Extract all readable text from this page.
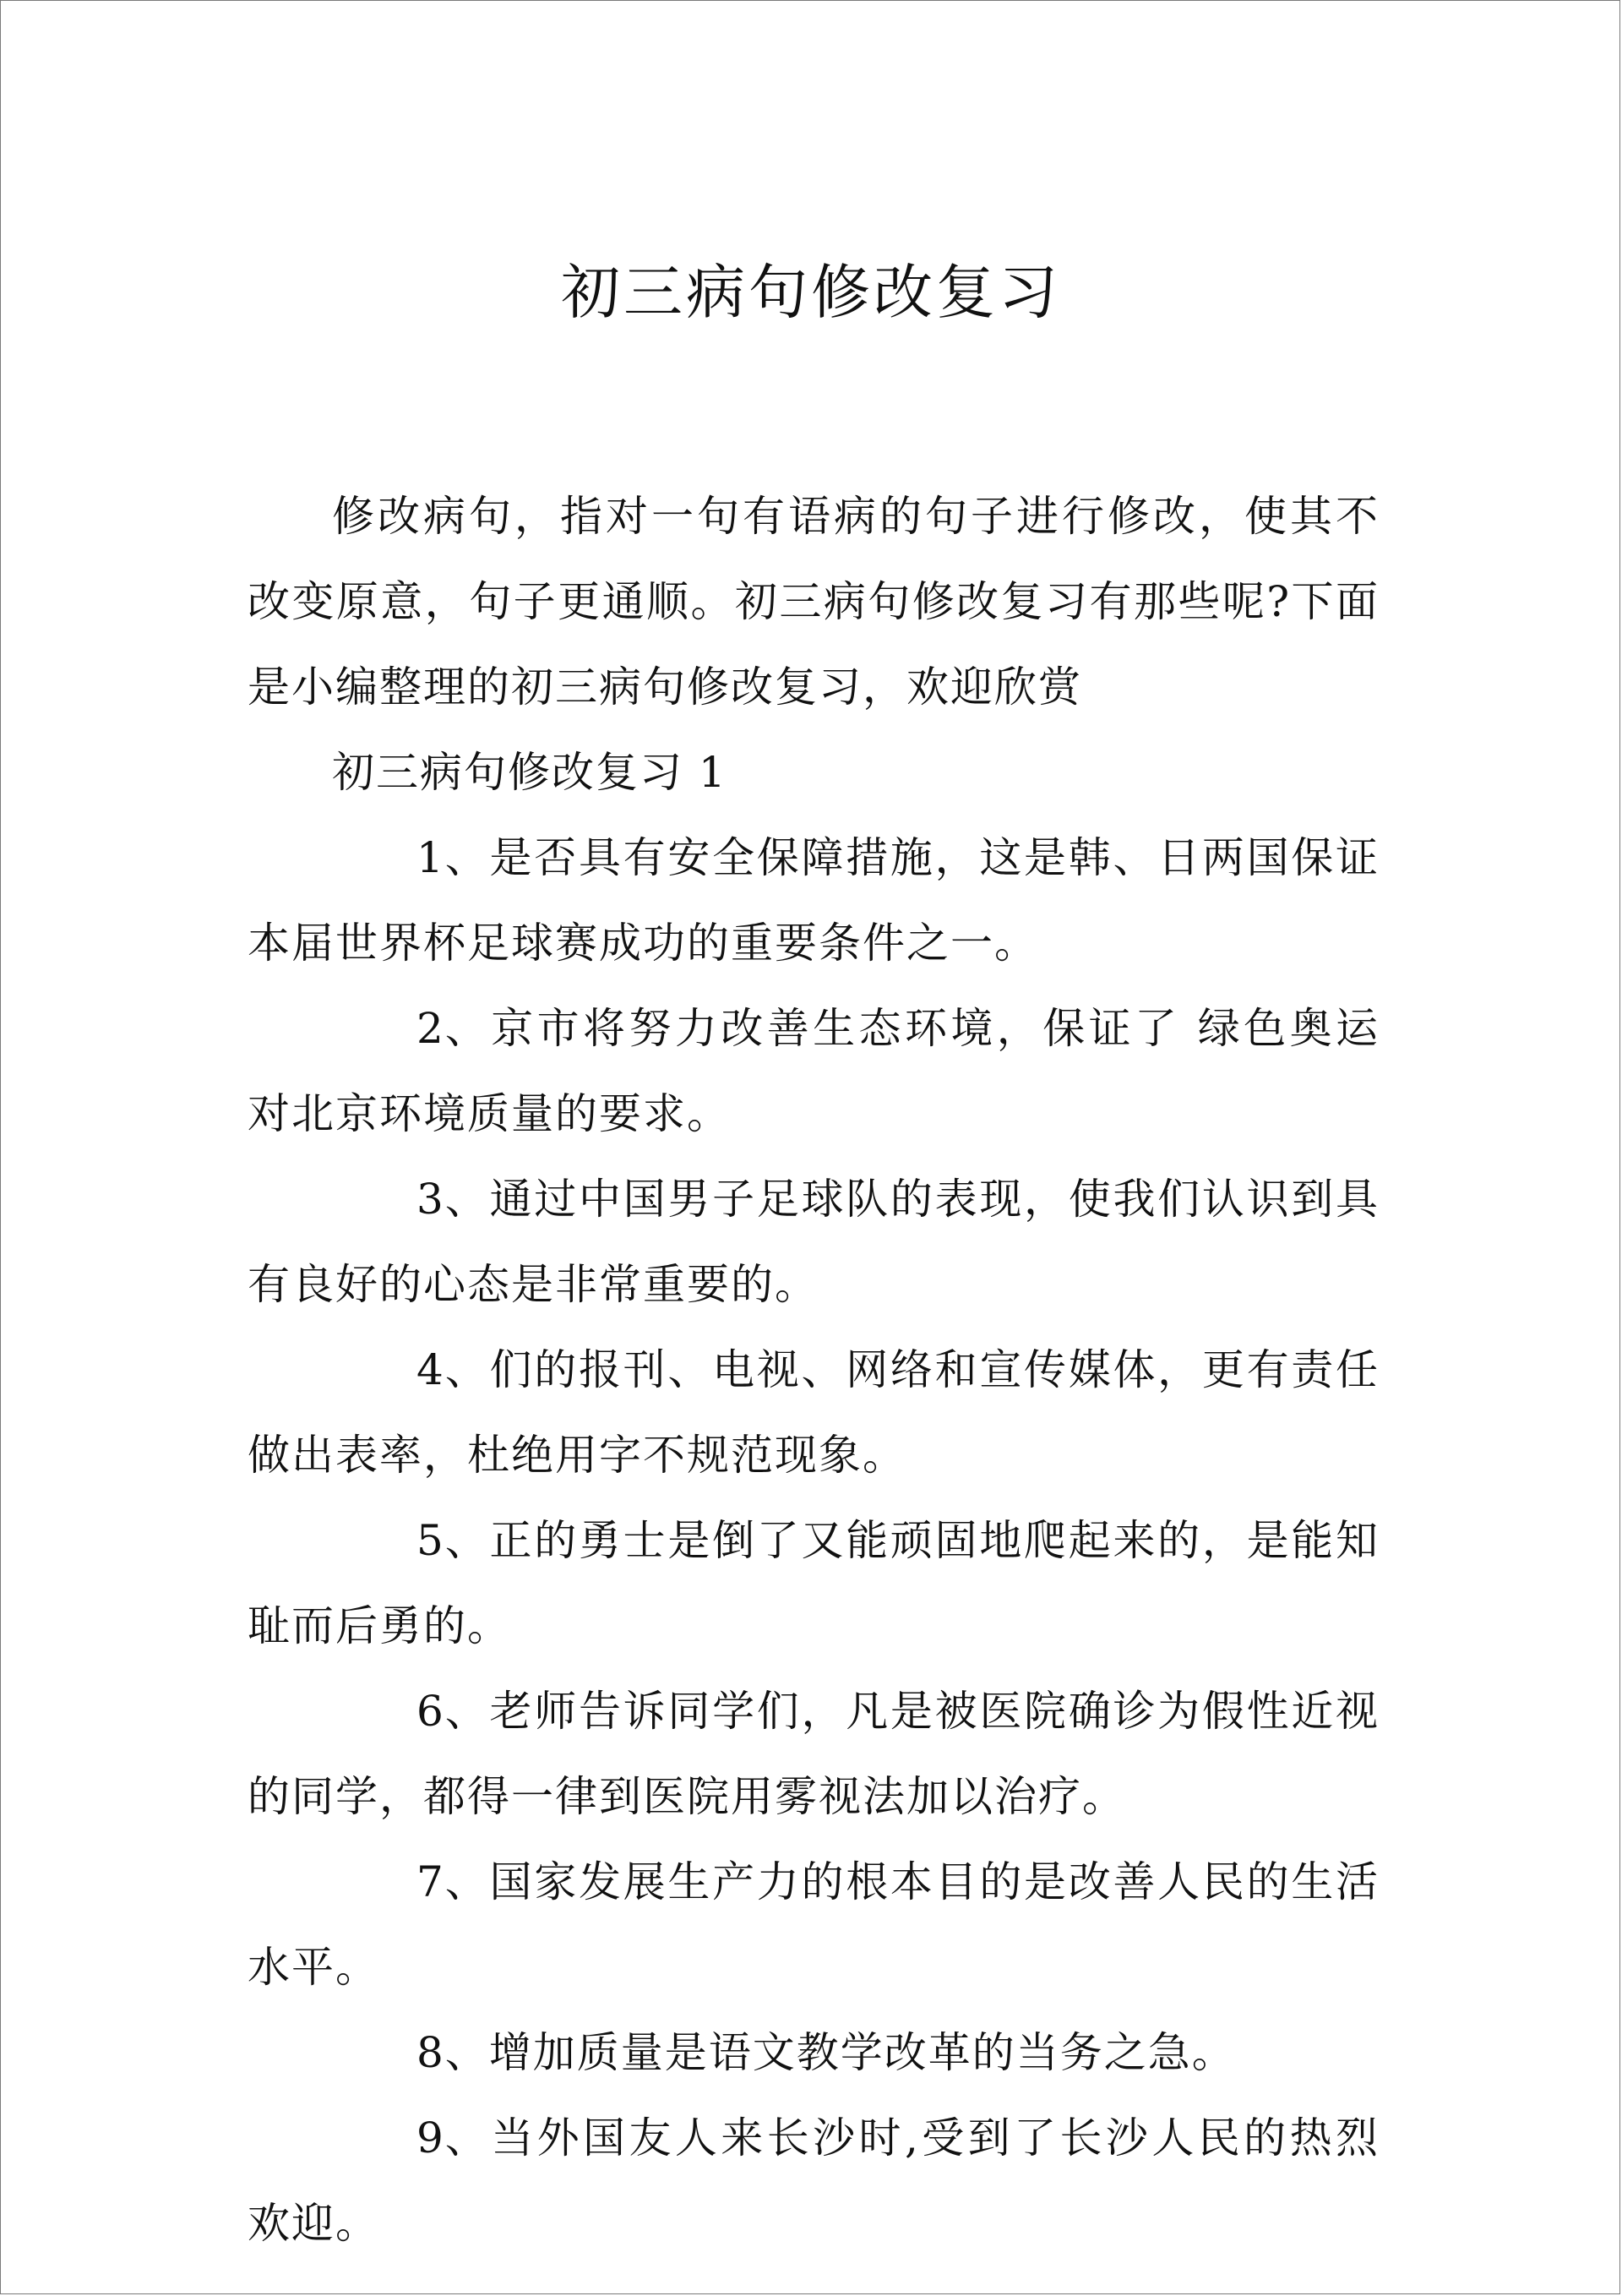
初三病句修改复习

修改病句，指对一句有语病的句子进行修改，使其不改变原意，句子更通顺。初三病句修改复习有那些呢?下面是小编整理的初三病句修改复习，欢迎欣赏

初三病句修改复习 1

1、是否具有安全保障措施，这是韩、日两国保证本届世界杯足球赛成功的重要条件之一。

2、京市将努力改善生态环境，保证了 绿色奥运 对北京环境质量的要求。

3、通过中国男子足球队的表现，使我们认识到具有良好的心态是非常重要的。

4、们的报刊、电视、网络和宣传媒体，更有责任做出表率，杜绝用字不规范现象。

5、正的勇士是倒了又能顽固地爬起来的，是能知耻而后勇的。

6、老师告诉同学们，凡是被医院确诊为假性近视的同学，都得一律到医院用雾视法加以治疗。

7、国家发展生产力的根本目的是改善人民的生活水平。

8、增加质量是语文教学改革的当务之急。

9、当外国友人来长沙时,受到了长沙人民的热烈欢迎。
